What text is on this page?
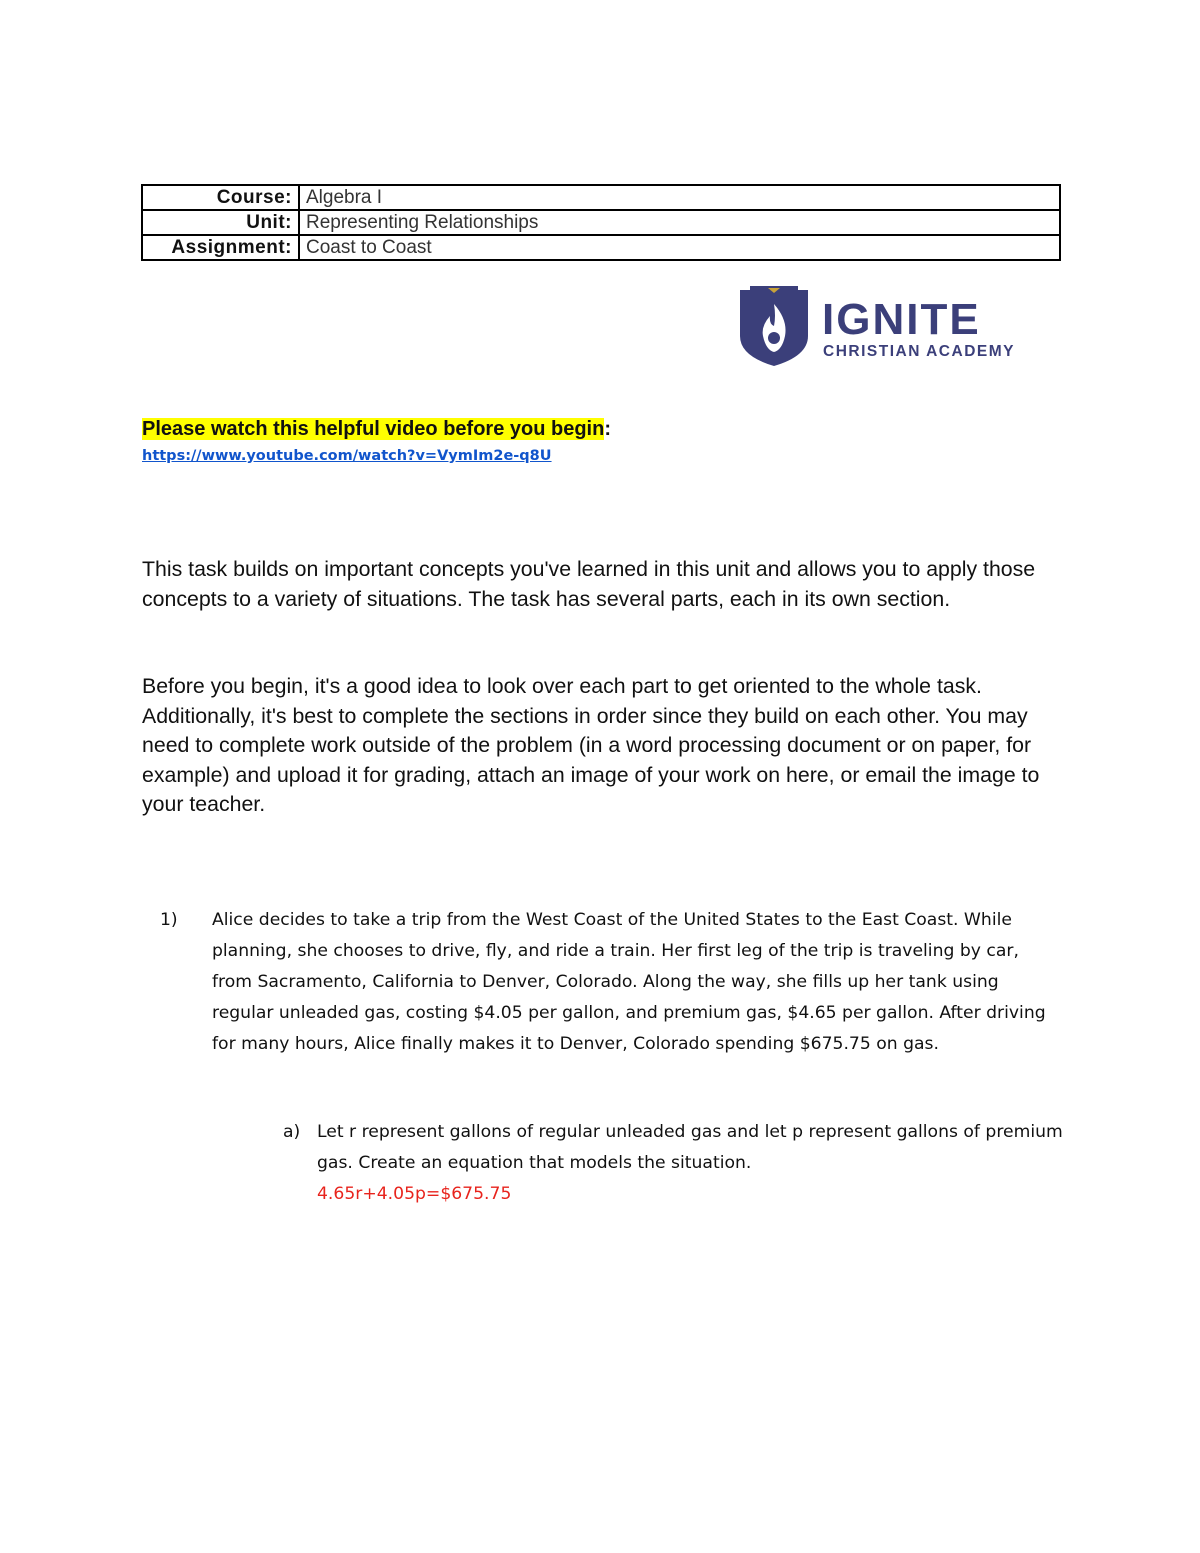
Course:	Algebra I
Unit:	Representing Relationships
Assignment:	Coast to Coast
IGNITE
CHRISTIAN ACADEMY

Please watch this helpful video before you begin:

https://www.youtube.com/watch?v=VymIm2e-q8U

This task builds on important concepts you've learned in this unit and allows you to apply those concepts to a variety of situations. The task has several parts, each in its own section.

Before you begin, it's a good idea to look over each part to get oriented to the whole task. Additionally, it's best to complete the sections in order since they build on each other. You may need to complete work outside of the problem (in a word processing document or on paper, for example) and upload it for grading, attach an image of your work on here, or email the image to your teacher.

1) Alice decides to take a trip from the West Coast of the United States to the East Coast. While planning, she chooses to drive, fly, and ride a train. Her first leg of the trip is traveling by car, from Sacramento, California to Denver, Colorado. Along the way, she fills up her tank using regular unleaded gas, costing $4.05 per gallon, and premium gas, $4.65 per gallon. After driving for many hours, Alice finally makes it to Denver, Colorado spending $675.75 on gas.

a) Let r represent gallons of regular unleaded gas and let p represent gallons of premium gas. Create an equation that models the situation.

4.65r+4.05p=$675.75
